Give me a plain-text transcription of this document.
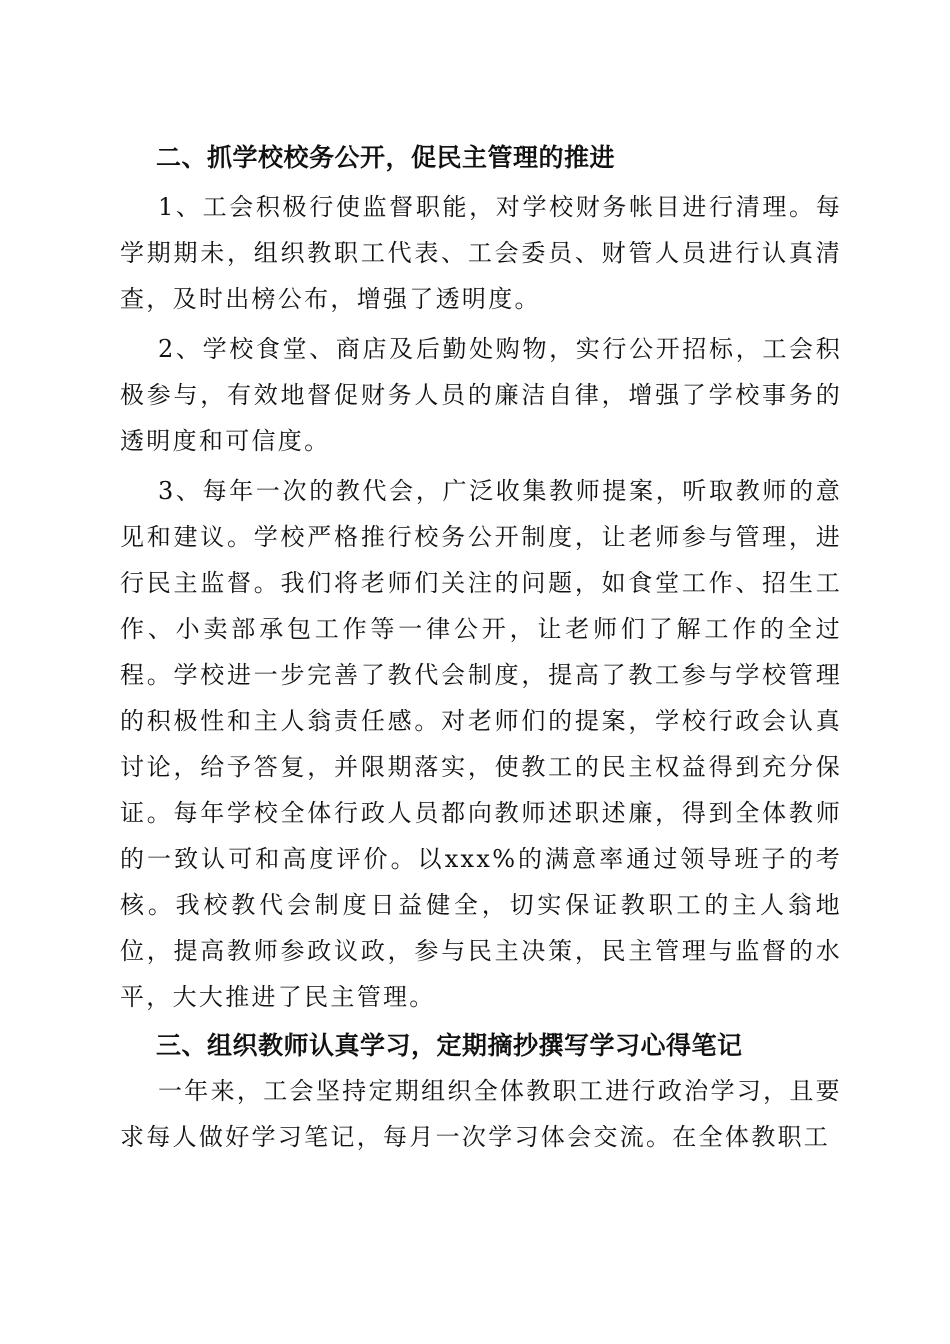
二、抓学校校务公开，促民主管理的推进

1、工会积极行使监督职能，对学校财务帐目进行清理。每学期期未，组织教职工代表、工会委员、财管人员进行认真清查，及时出榜公布，增强了透明度。

2、学校食堂、商店及后勤处购物，实行公开招标，工会积极参与，有效地督促财务人员的廉洁自律，增强了学校事务的透明度和可信度。

3、每年一次的教代会，广泛收集教师提案，听取教师的意见和建议。学校严格推行校务公开制度，让老师参与管理，进行民主监督。我们将老师们关注的问题，如食堂工作、招生工作、小卖部承包工作等一律公开，让老师们了解工作的全过程。学校进一步完善了教代会制度，提高了教工参与学校管理的积极性和主人翁责任感。对老师们的提案，学校行政会认真讨论，给予答复，并限期落实，使教工的民主权益得到充分保证。每年学校全体行政人员都向教师述职述廉，得到全体教师的一致认可和高度评价。以xxx%的满意率通过领导班子的考核。我校教代会制度日益健全，切实保证教职工的主人翁地位，提高教师参政议政，参与民主决策，民主管理与监督的水平，大大推进了民主管理。

三、组织教师认真学习，定期摘抄撰写学习心得笔记

一年来，工会坚持定期组织全体教职工进行政治学习，且要求每人做好学习笔记，每月一次学习体会交流。在全体教职工
